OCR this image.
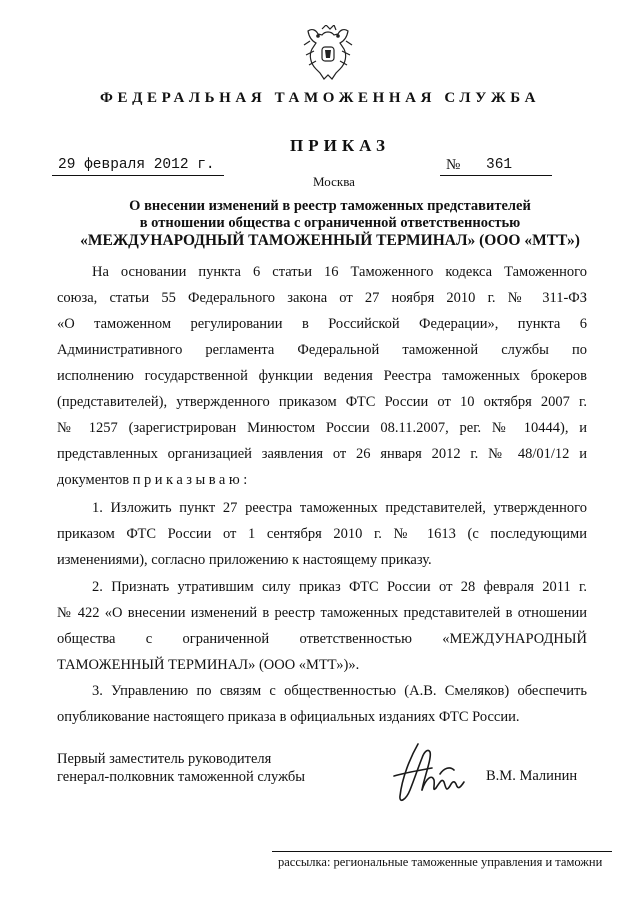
ФЕДЕРАЛЬНАЯ ТАМОЖЕННАЯ СЛУЖБА
ПРИКАЗ
29 февраля 2012 г.	№ 361
Москва
О внесении изменений в реестр таможенных представителей
в отношении общества с ограниченной ответственностью
«МЕЖДУНАРОДНЫЙ ТАМОЖЕННЫЙ ТЕРМИНАЛ» (ООО «МТТ»)
На основании пункта 6 статьи 16 Таможенного кодекса Таможенного
союза, статьи 55 Федерального закона от 27 ноября 2010 г. № 311-ФЗ
«О таможенном регулировании в Российской Федерации», пункта 6
Административного регламента Федеральной таможенной службы по
исполнению государственной функции ведения Реестра таможенных брокеров
(представителей), утвержденного приказом ФТС России от 10 октября 2007 г.
№ 1257 (зарегистрирован Минюстом России 08.11.2007, рег. № 10444), и
представленных организацией заявления от 26 января 2012 г. № 48/01/12 и
документов приказываю:
1. Изложить пункт 27 реестра таможенных представителей, утвержденного
приказом ФТС России от 1 сентября 2010 г. № 1613 (с последующими
изменениями), согласно приложению к настоящему приказу.
2. Признать утратившим силу приказ ФТС России от 28 февраля 2011 г.
№ 422 «О внесении изменений в реестр таможенных представителей в отношении
общества с ограниченной ответственностью «МЕЖДУНАРОДНЫЙ
ТАМОЖЕННЫЙ ТЕРМИНАЛ» (ООО «МТТ»)».
3. Управлению по связям с общественностью (А.В. Смеляков) обеспечить
опубликование настоящего приказа в официальных изданиях ФТС России.
Первый заместитель руководителя
генерал-полковник таможенной службы	В.М. Малинин
рассылка: региональные таможенные управления и таможни
